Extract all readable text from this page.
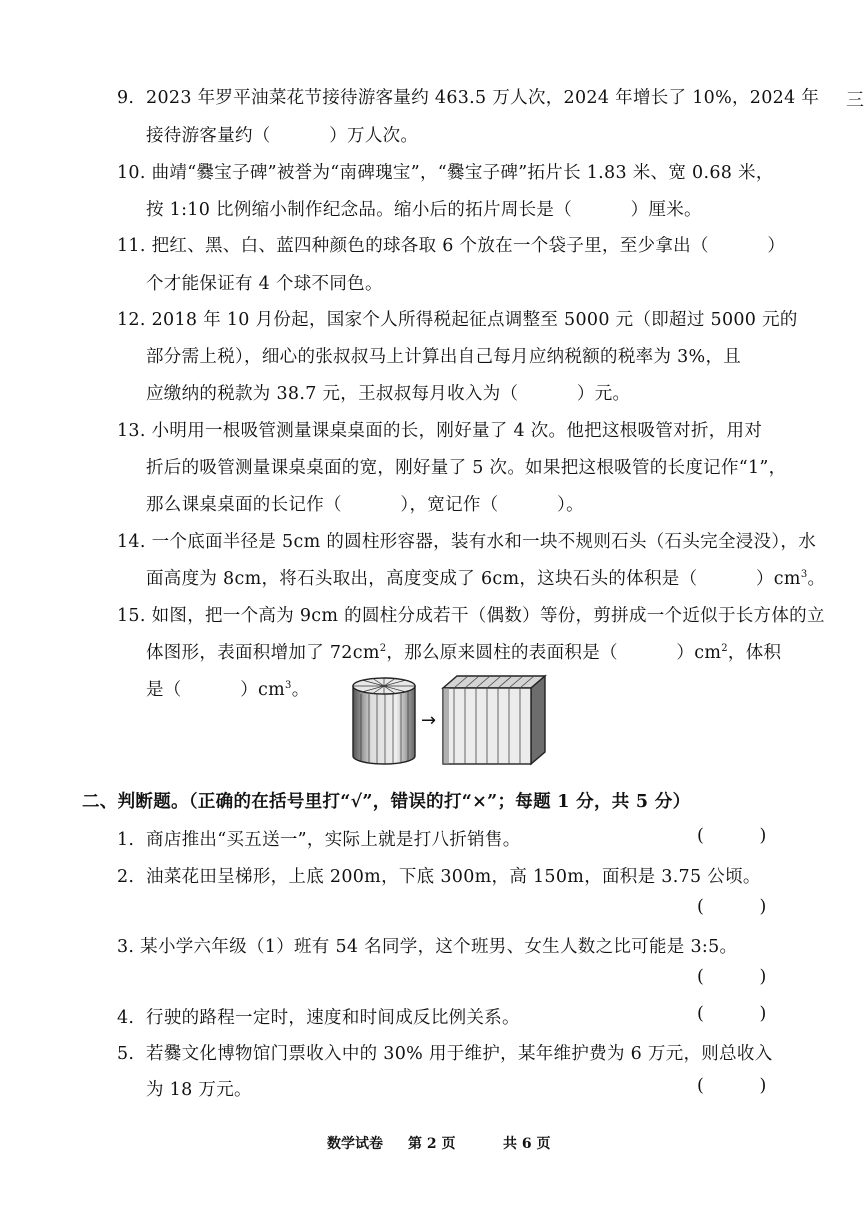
9.  2023 年罗平油菜花节接待游客量约 463.5 万人次，2024 年增长了 10%，2024 年
接待游客量约（          ）万人次。
10. 曲靖“爨宝子碑”被誉为“南碑瑰宝”，“爨宝子碑”拓片长 1.83 米、宽 0.68 米，
按 1:10 比例缩小制作纪念品。缩小后的拓片周长是（          ）厘米。
11. 把红、黑、白、蓝四种颜色的球各取 6 个放在一个袋子里，至少拿出（          ）
个才能保证有 4 个球不同色。
12. 2018 年 10 月份起，国家个人所得税起征点调整至 5000 元（即超过 5000 元的
部分需上税），细心的张叔叔马上计算出自己每月应纳税额的税率为 3%，且
应缴纳的税款为 38.7 元，王叔叔每月收入为（          ）元。
13. 小明用一根吸管测量课桌桌面的长，刚好量了 4 次。他把这根吸管对折，用对
折后的吸管测量课桌桌面的宽，刚好量了 5 次。如果把这根吸管的长度记作“1”，
那么课桌桌面的长记作（          ），宽记作（          ）。
14. 一个底面半径是 5cm 的圆柱形容器，装有水和一块不规则石头（石头完全浸没），水
面高度为 8cm，将石头取出，高度变成了 6cm，这块石头的体积是（          ）$cm^3$。
15. 如图，把一个高为 9cm 的圆柱分成若干（偶数）等份，剪拼成一个近似于长方体的立
体图形，表面积增加了 $72cm^2$，那么原来圆柱的表面积是（          ）$cm^2$，体积
是（          ）$cm^3$。
→
二、判断题。（正确的在括号里打“√”，错误的打“×”；每题 1 分，共 5 分）
1.  商店推出“买五送一”，实际上就是打八折销售。	(          )
2.  油菜花田呈梯形，上底 200m，下底 300m，高 150m，面积是 3.75 公顷。
(          )
3. 某小学六年级（1）班有 54 名同学，这个班男、女生人数之比可能是 3:5。
(          )
4.  行驶的路程一定时，速度和时间成反比例关系。	(          )
5.  若爨文化博物馆门票收入中的 30% 用于维护，某年维护费为 6 万元，则总收入
为 18 万元。	(          )
数学试卷 第 2 页	共 6 页
三
